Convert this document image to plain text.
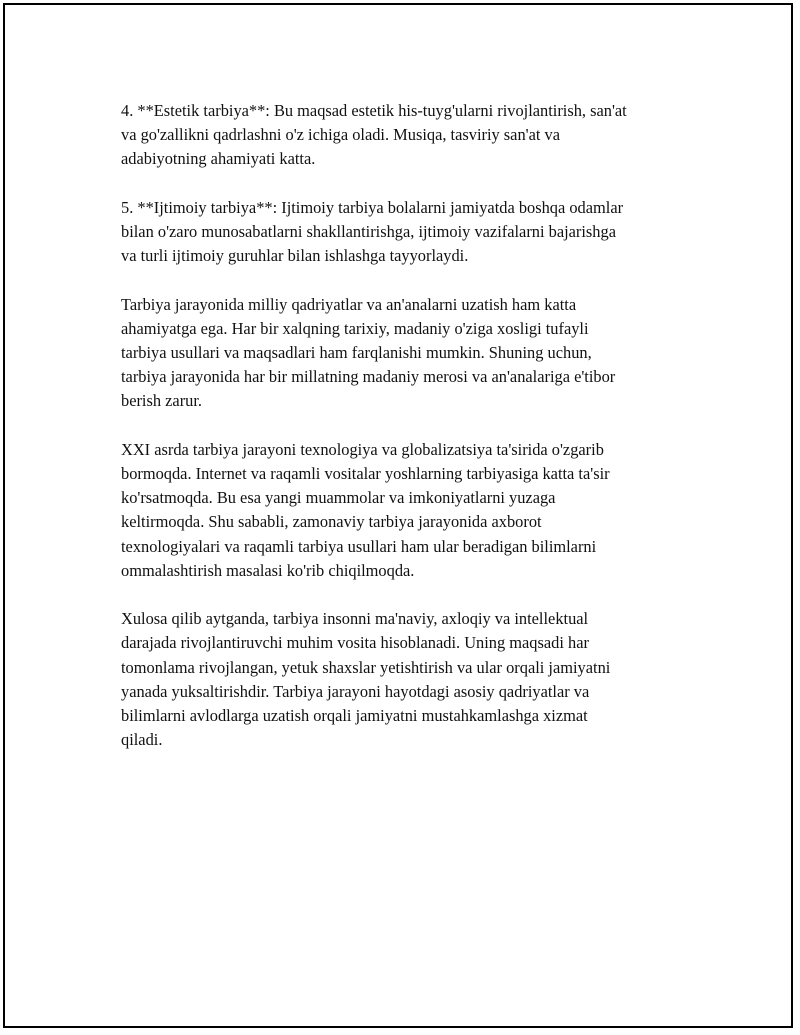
4. **Estetik tarbiya**: Bu maqsad estetik his-tuyg'ularni rivojlantirish, san'at
va go'zallikni qadrlashni o'z ichiga oladi. Musiqa, tasviriy san'at va
adabiyotning ahamiyati katta.

5. **Ijtimoiy tarbiya**: Ijtimoiy tarbiya bolalarni jamiyatda boshqa odamlar
bilan o'zaro munosabatlarni shakllantirishga, ijtimoiy vazifalarni bajarishga
va turli ijtimoiy guruhlar bilan ishlashga tayyorlaydi.

Tarbiya jarayonida milliy qadriyatlar va an'analarni uzatish ham katta
ahamiyatga ega. Har bir xalqning tarixiy, madaniy o'ziga xosligi tufayli
tarbiya usullari va maqsadlari ham farqlanishi mumkin. Shuning uchun,
tarbiya jarayonida har bir millatning madaniy merosi va an'analariga e'tibor
berish zarur.

XXI asrda tarbiya jarayoni texnologiya va globalizatsiya ta'sirida o'zgarib
bormoqda. Internet va raqamli vositalar yoshlarning tarbiyasiga katta ta'sir
ko'rsatmoqda. Bu esa yangi muammolar va imkoniyatlarni yuzaga
keltirmoqda. Shu sababli, zamonaviy tarbiya jarayonida axborot
texnologiyalari va raqamli tarbiya usullari ham ular beradigan bilimlarni
ommalashtirish masalasi ko'rib chiqilmoqda.

Xulosa qilib aytganda, tarbiya insonni ma'naviy, axloqiy va intellektual
darajada rivojlantiruvchi muhim vosita hisoblanadi. Uning maqsadi har
tomonlama rivojlangan, yetuk shaxslar yetishtirish va ular orqali jamiyatni
yanada yuksaltirishdir. Tarbiya jarayoni hayotdagi asosiy qadriyatlar va
bilimlarni avlodlarga uzatish orqali jamiyatni mustahkamlashga xizmat
qiladi.
